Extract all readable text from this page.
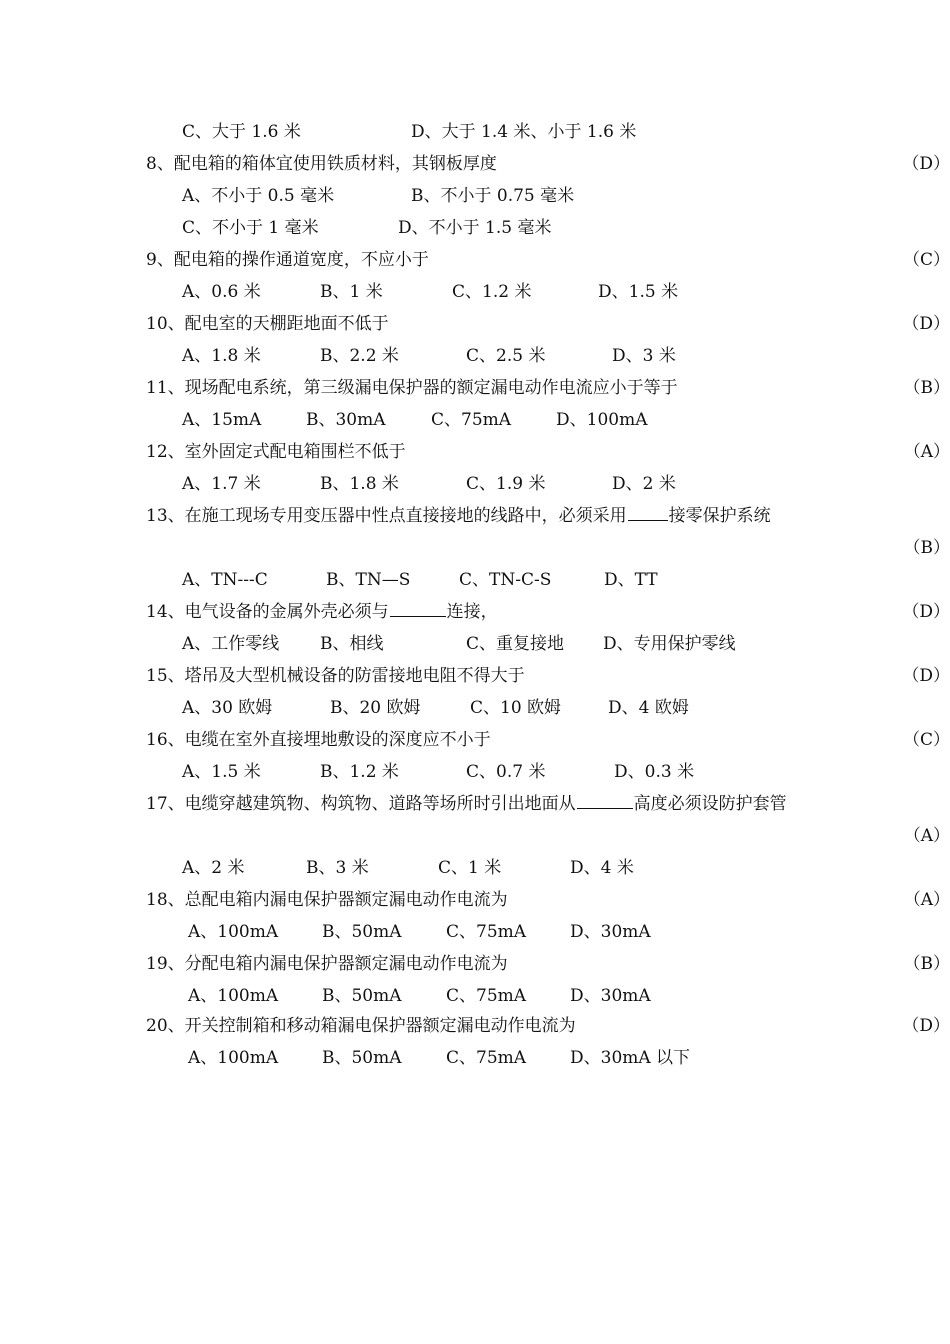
C、大于 1.6 米	D、大于 1.4 米、小于 1.6 米
8、配电箱的箱体宜使用铁质材料，其钢板厚度	（D）
A、不小于 0.5 毫米	B、不小于 0.75 毫米
C、不小于 1 毫米	D、不小于 1.5 毫米
9、配电箱的操作通道宽度，不应小于	（C）
A、0.6 米	B、1 米	C、1.2 米	D、1.5 米
10、配电室的天棚距地面不低于	（D）
A、1.8 米	B、2.2 米	C、2.5 米	D、3 米
11、现场配电系统，第三级漏电保护器的额定漏电动作电流应小于等于	（B）
A、15mA	B、30mA	C、75mA	D、100mA
12、室外固定式配电箱围栏不低于	（A）
A、1.7 米	B、1.8 米	C、1.9 米	D、2 米
13、在施工现场专用变压器中性点直接接地的线路中，必须采用 接零保护系统
（B）
A、TN---C	B、TN—S	C、TN-C-S	D、TT
14、电气设备的金属外壳必须与	连接，	（D）
A、工作零线 B、相线	C、重复接地 D、专用保护零线
15、塔吊及大型机械设备的防雷接地电阻不得大于	（D）
A、30 欧姆	B、20 欧姆	C、10 欧姆	D、4 欧姆
16、电缆在室外直接埋地敷设的深度应不小于	（C）
A、1.5 米	B、1.2 米	C、0.7 米	D、0.3 米
17、电缆穿越建筑物、构筑物、道路等场所时引出地面从	高度必须设防护套管
（A）
A、2 米	B、3 米	C、1 米	D、4 米
18、总配电箱内漏电保护器额定漏电动作电流为	（A）
A、100mA	B、50mA	C、75mA	D、30mA
19、分配电箱内漏电保护器额定漏电动作电流为	（B）
A、100mA	B、50mA	C、75mA	D、30mA
20、开关控制箱和移动箱漏电保护器额定漏电动作电流为	（D）
A、100mA	B、50mA	C、75mA	D、30mA 以下
